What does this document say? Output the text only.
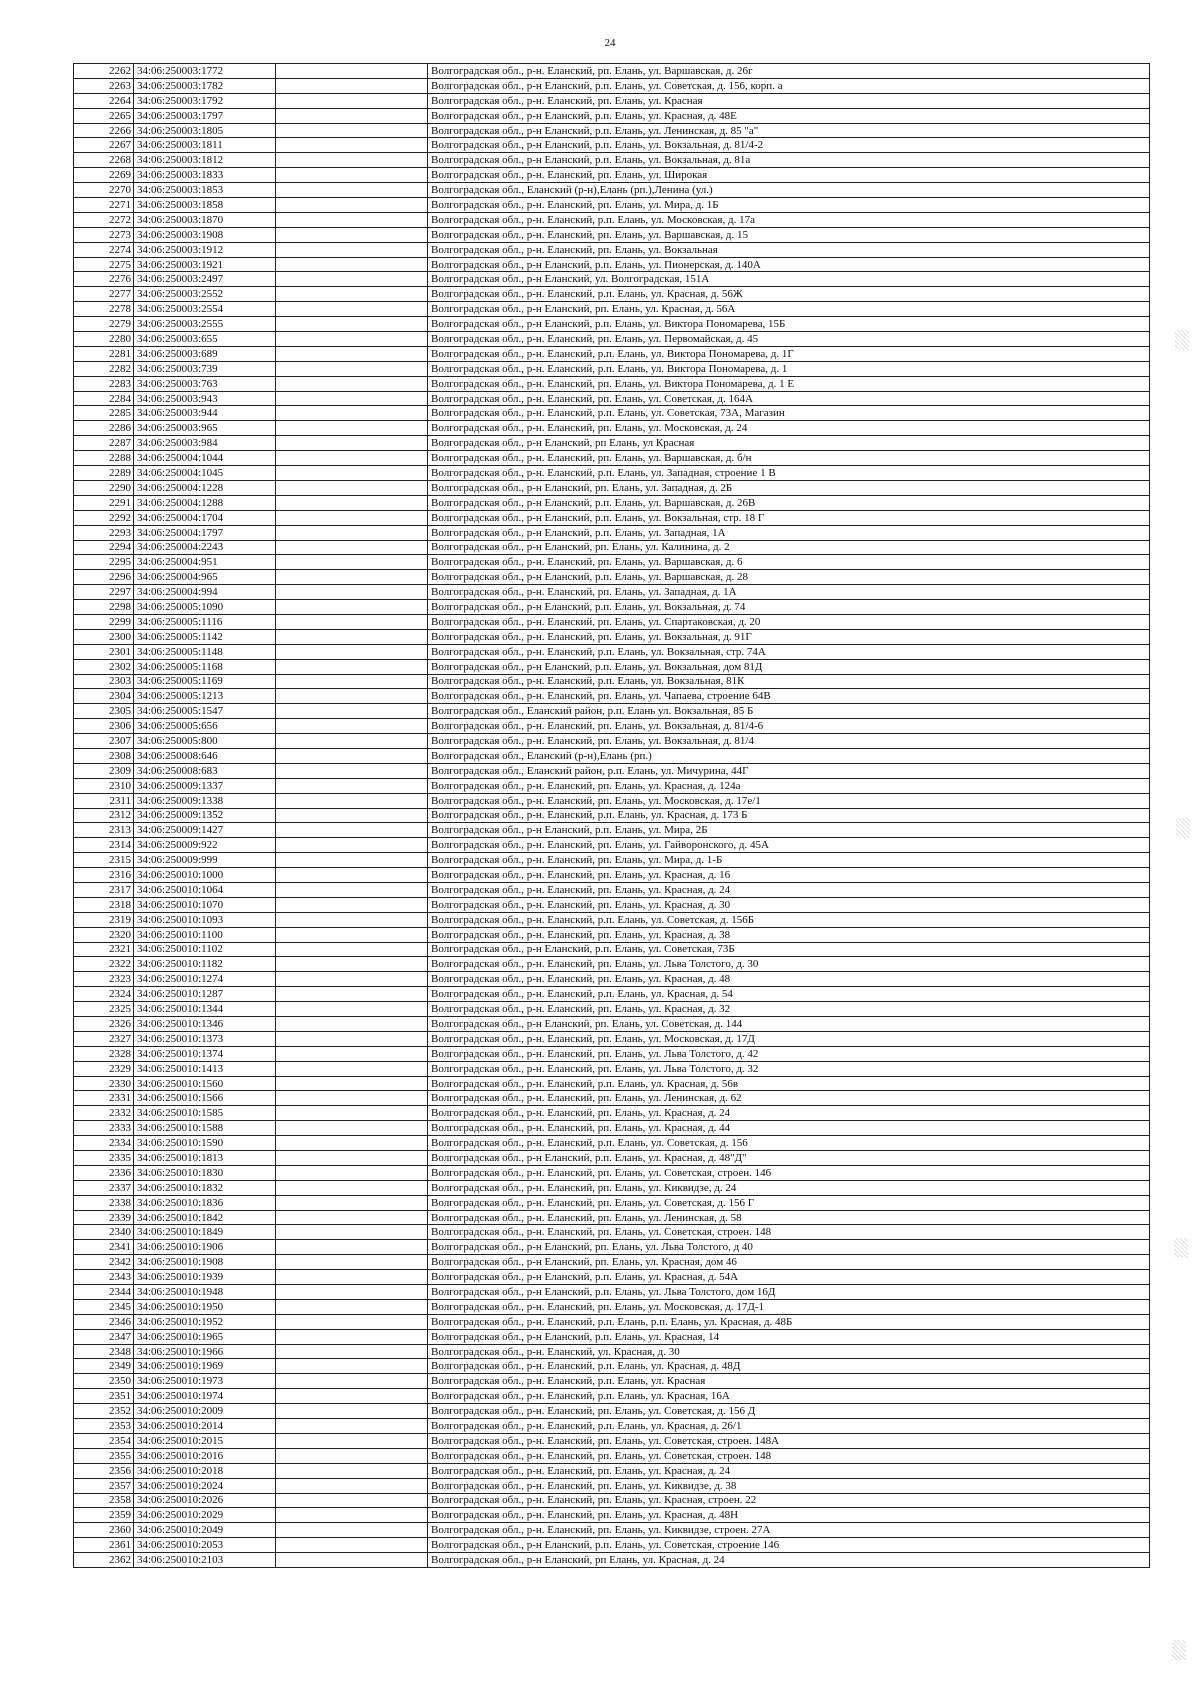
24
2262	34:06:250003:1772		Волгоградская обл., р-н. Еланский, рп. Елань, ул. Варшавская, д. 26г
2263	34:06:250003:1782		Волгоградская обл., р-н Еланский, р.п. Елань, ул. Советская, д. 156, корп. а
2264	34:06:250003:1792		Волгоградская обл., р-н. Еланский, рп. Елань, ул. Красная
2265	34:06:250003:1797		Волгоградская обл., р-н Еланский, р.п. Елань, ул. Красная, д. 48Е
2266	34:06:250003:1805		Волгоградская обл., р-н Еланский, р.п. Елань, ул. Ленинская, д. 85 "а"
2267	34:06:250003:1811		Волгоградская обл., р-н Еланский, р.п. Елань, ул. Вокзальная, д. 81/4-2
2268	34:06:250003:1812		Волгоградская обл., р-н Еланский, р.п. Елань, ул. Вокзальная, д. 81а
2269	34:06:250003:1833		Волгоградская обл., р-н. Еланский, рп. Елань, ул. Широкая
2270	34:06:250003:1853		Волгоградская обл., Еланский (р-н),Елань (рп.),Ленина (ул.)
2271	34:06:250003:1858		Волгоградская обл., р-н. Еланский, рп. Елань, ул. Мира, д. 1Б
2272	34:06:250003:1870		Волгоградская обл., р-н. Еланский, р.п. Елань, ул. Московская, д. 17а
2273	34:06:250003:1908		Волгоградская обл., р-н. Еланский, рп. Елань, ул. Варшавская, д. 15
2274	34:06:250003:1912		Волгоградская обл., р-н. Еланский, рп. Елань, ул. Вокзальная
2275	34:06:250003:1921		Волгоградская обл., р-н Еланский, р.п. Елань, ул. Пионерская, д. 140А
2276	34:06:250003:2497		Волгоградская обл., р-н Еланский, ул. Волгоградская, 151А
2277	34:06:250003:2552		Волгоградская обл., р-н. Еланский, р.п. Елань, ул. Красная, д. 56Ж
2278	34:06:250003:2554		Волгоградская обл., р-н Еланский, рп. Елань, ул. Красная, д. 56А
2279	34:06:250003:2555		Волгоградская обл., р-н Еланский, р.п. Елань, ул. Виктора Пономарева, 15Б
2280	34:06:250003:655		Волгоградская обл., р-н. Еланский, рп. Елань, ул. Первомайская, д. 45
2281	34:06:250003:689		Волгоградская обл., р-н. Еланский, р.п. Елань, ул. Виктора Пономарева, д. 1Г
2282	34:06:250003:739		Волгоградская обл., р-н. Еланский, р.п. Елань, ул. Виктора Пономарева, д. 1
2283	34:06:250003:763		Волгоградская обл., р-н. Еланский, рп. Елань, ул. Виктора Пономарева, д. 1 Е
2284	34:06:250003:943		Волгоградская обл., р-н. Еланский, рп. Елань, ул. Советская, д. 164А
2285	34:06:250003:944		Волгоградская обл., р-н. Еланский, р.п. Елань, ул. Советская, 73А, Магазин
2286	34:06:250003:965		Волгоградская обл., р-н. Еланский, рп. Елань, ул. Московская, д. 24
2287	34:06:250003:984		Волгоградская обл., р-н Еланский, рп Елань, ул Красная
2288	34:06:250004:1044		Волгоградская обл., р-н. Еланский, рп. Елань, ул. Варшавская, д. б/н
2289	34:06:250004:1045		Волгоградская обл., р-н. Еланский, р.п. Елань, ул. Западная, строение 1 В
2290	34:06:250004:1228		Волгоградская обл., р-н Еланский, рп. Елань, ул. Западная, д. 2Б
2291	34:06:250004:1288		Волгоградская обл., р-н Еланский, р.п. Елань, ул. Варшавская, д. 26В
2292	34:06:250004:1704		Волгоградская обл., р-н Еланский, р.п. Елань, ул. Вокзальная, стр. 18 Г
2293	34:06:250004:1797		Волгоградская обл., р-н Еланский, р.п. Елань, ул. Западная, 1А
2294	34:06:250004:2243		Волгоградская обл., р-н Еланский, рп. Елань, ул. Калинина, д. 2
2295	34:06:250004:951		Волгоградская обл., р-н. Еланский, рп. Елань, ул. Варшавская, д. 6
2296	34:06:250004:965		Волгоградская обл., р-н Еланский, р.п. Елань, ул. Варшавская, д. 28
2297	34:06:250004:994		Волгоградская обл., р-н. Еланский, рп. Елань, ул. Западная, д. 1А
2298	34:06:250005:1090		Волгоградская обл., р-н Еланский, р.п. Елань, ул. Вокзальная, д. 74
2299	34:06:250005:1116		Волгоградская обл., р-н. Еланский, рп. Елань, ул. Спартаковская, д. 20
2300	34:06:250005:1142		Волгоградская обл., р-н. Еланский, рп. Елань, ул. Вокзальная, д. 91Г
2301	34:06:250005:1148		Волгоградская обл., р-н. Еланский, р.п. Елань, ул. Вокзальная, стр. 74А
2302	34:06:250005:1168		Волгоградская обл., р-н Еланский, р.п. Елань, ул. Вокзальная, дом 81Д
2303	34:06:250005:1169		Волгоградская обл., р-н. Еланский, р.п. Елань, ул. Вокзальная, 81К
2304	34:06:250005:1213		Волгоградская обл., р-н. Еланский, рп. Елань, ул. Чапаева, строение 64В
2305	34:06:250005:1547		Волгоградская обл., Еланский район, р.п. Елань ул. Вокзальная, 85 Б
2306	34:06:250005:656		Волгоградская обл., р-н. Еланский, рп. Елань, ул. Вокзальная, д. 81/4-6
2307	34:06:250005:800		Волгоградская обл., р-н. Еланский, рп. Елань, ул. Вокзальная, д. 81/4
2308	34:06:250008:646		Волгоградская обл., Еланский (р-н),Елань (рп.)
2309	34:06:250008:683		Волгоградская обл., Еланский район, р.п. Елань, ул. Мичурина, 44Г
2310	34:06:250009:1337		Волгоградская обл., р-н. Еланский, рп. Елань, ул. Красная, д. 124а
2311	34:06:250009:1338		Волгоградская обл., р-н. Еланский, рп. Елань, ул. Московская, д. 17е/1
2312	34:06:250009:1352		Волгоградская обл., р-н. Еланский, р.п. Елань, ул. Красная, д. 173 Б
2313	34:06:250009:1427		Волгоградская обл., р-н Еланский, р.п. Елань, ул. Мира, 2Б
2314	34:06:250009:922		Волгоградская обл., р-н. Еланский, рп. Елань, ул. Гайворонского, д. 45А
2315	34:06:250009:999		Волгоградская обл., р-н. Еланский, рп. Елань, ул. Мира, д. 1-Б
2316	34:06:250010:1000		Волгоградская обл., р-н. Еланский, рп. Елань, ул. Красная, д. 16
2317	34:06:250010:1064		Волгоградская обл., р-н. Еланский, рп. Елань, ул. Красная, д. 24
2318	34:06:250010:1070		Волгоградская обл., р-н. Еланский, рп. Елань, ул. Красная, д. 30
2319	34:06:250010:1093		Волгоградская обл., р-н. Еланский, р.п. Елань, ул. Советская, д. 156Б
2320	34:06:250010:1100		Волгоградская обл., р-н. Еланский, рп. Елань, ул. Красная, д. 38
2321	34:06:250010:1102		Волгоградская обл., р-н Еланский, р.п. Елань, ул. Советская, 73Б
2322	34:06:250010:1182		Волгоградская обл., р-н. Еланский, рп. Елань, ул. Льва Толстого, д. 30
2323	34:06:250010:1274		Волгоградская обл., р-н. Еланский, рп. Елань, ул. Красная, д. 48
2324	34:06:250010:1287		Волгоградская обл., р-н. Еланский, р.п. Елань, ул. Красная, д. 54
2325	34:06:250010:1344		Волгоградская обл., р-н. Еланский, рп. Елань, ул. Красная, д. 32
2326	34:06:250010:1346		Волгоградская обл., р-н Еланский, рп. Елань, ул. Советская, д. 144
2327	34:06:250010:1373		Волгоградская обл., р-н. Еланский, рп. Елань, ул. Московская, д. 17Д
2328	34:06:250010:1374		Волгоградская обл., р-н. Еланский, рп. Елань, ул. Льва Толстого, д. 42
2329	34:06:250010:1413		Волгоградская обл., р-н. Еланский, рп. Елань, ул. Льва Толстого, д. 32
2330	34:06:250010:1560		Волгоградская обл., р-н. Еланский, р.п. Елань, ул. Красная, д. 56в
2331	34:06:250010:1566		Волгоградская обл., р-н. Еланский, рп. Елань, ул. Ленинская, д. 62
2332	34:06:250010:1585		Волгоградская обл., р-н. Еланский, рп. Елань, ул. Красная, д. 24
2333	34:06:250010:1588		Волгоградская обл., р-н. Еланский, рп. Елань, ул. Красная, д. 44
2334	34:06:250010:1590		Волгоградская обл., р-н. Еланский, р.п. Елань, ул. Советская, д. 156
2335	34:06:250010:1813		Волгоградская обл., р-н Еланский, р.п. Елань, ул. Красная, д. 48"Д"
2336	34:06:250010:1830		Волгоградская обл., р-н. Еланский, рп. Елань, ул. Советская, строен. 146
2337	34:06:250010:1832		Волгоградская обл., р-н. Еланский, рп. Елань, ул. Киквидзе, д. 24
2338	34:06:250010:1836		Волгоградская обл., р-н. Еланский, рп. Елань, ул. Советская, д. 156 Г
2339	34:06:250010:1842		Волгоградская обл., р-н. Еланский, рп. Елань, ул. Ленинская, д. 58
2340	34:06:250010:1849		Волгоградская обл., р-н. Еланский, рп. Елань, ул. Советская, строен. 148
2341	34:06:250010:1906		Волгоградская обл., р-н Еланский, рп. Елань, ул. Льва Толстого, д 40
2342	34:06:250010:1908		Волгоградская обл., р-н Еланский, рп. Елань, ул. Красная, дом 46
2343	34:06:250010:1939		Волгоградская обл., р-н Еланский, р.п. Елань, ул. Красная, д. 54А
2344	34:06:250010:1948		Волгоградская обл., р-н Еланский, р.п. Елань, ул. Льва Толстого, дом 16Д
2345	34:06:250010:1950		Волгоградская обл., р-н. Еланский, рп. Елань, ул. Московская, д. 17Д-1
2346	34:06:250010:1952		Волгоградская обл., р-н. Еланский, р.п. Елань, р.п. Елань, ул. Красная, д. 48Б
2347	34:06:250010:1965		Волгоградская обл., р-н Еланский, р.п. Елань, ул. Красная, 14
2348	34:06:250010:1966		Волгоградская обл., р-н. Еланский, ул. Красная, д. 30
2349	34:06:250010:1969		Волгоградская обл., р-н. Еланский, р.п. Елань, ул. Красная, д. 48Д
2350	34:06:250010:1973		Волгоградская обл., р-н. Еланский, р.п. Елань, ул. Красная
2351	34:06:250010:1974		Волгоградская обл., р-н. Еланский, р.п. Елань, ул. Красная, 16А
2352	34:06:250010:2009		Волгоградская обл., р-н. Еланский, рп. Елань, ул. Советская, д. 156 Д
2353	34:06:250010:2014		Волгоградская обл., р-н. Еланский, р.п. Елань, ул. Красная, д. 26/1
2354	34:06:250010:2015		Волгоградская обл., р-н. Еланский, рп. Елань, ул. Советская, строен. 148А
2355	34:06:250010:2016		Волгоградская обл., р-н. Еланский, рп. Елань, ул. Советская, строен. 148
2356	34:06:250010:2018		Волгоградская обл., р-н. Еланский, рп. Елань, ул. Красная, д. 24
2357	34:06:250010:2024		Волгоградская обл., р-н. Еланский, рп. Елань, ул. Киквидзе, д. 38
2358	34:06:250010:2026		Волгоградская обл., р-н. Еланский, рп. Елань, ул. Красная, строен. 22
2359	34:06:250010:2029		Волгоградская обл., р-н. Еланский, рп. Елань, ул. Красная, д. 48Н
2360	34:06:250010:2049		Волгоградская обл., р-н. Еланский, рп. Елань, ул. Киквидзе, строен. 27А
2361	34:06:250010:2053		Волгоградская обл., р-н Еланский, р.п. Елань, ул. Советская, строение 146
2362	34:06:250010:2103		Волгоградская обл., р-н Еланский, рп Елань, ул. Красная, д. 24
